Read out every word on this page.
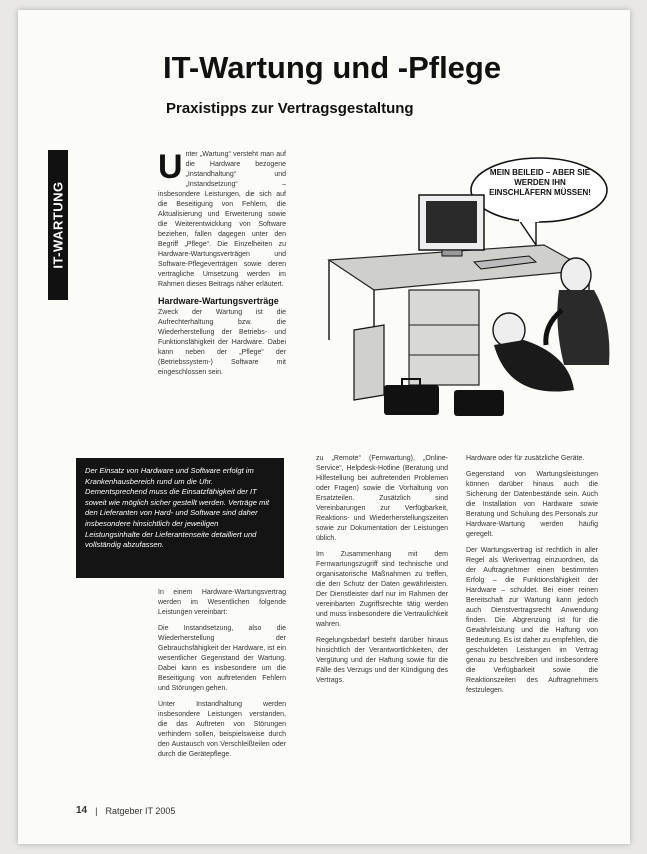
IT-WARTUNG
IT-Wartung und -Pflege
Praxistipps zur Vertragsgestaltung

Unter „Wartung“ versteht man auf die Hardware bezogene „Instandhaltung“ und „Instandsetzung“ – insbesondere Leistungen, die sich auf die Beseitigung von Fehlern, die Aktualisierung und Erweiterung sowie die Weiterentwicklung von Software beziehen, fallen dagegen unter den Begriff „Pflege“. Die Einzelheiten zu Hardware-Wartungsverträgen und Software-Pflegeverträgen sowie deren vertragliche Umsetzung werden im Rahmen dieses Beitrags näher erläutert.

Hardware-Wartungsverträge

Zweck der Wartung ist die Aufrechterhaltung bzw. die Wiederherstellung der Betriebs- und Funktionsfähigkeit der Hardware. Dabei kann neben der „Pflege“ der (Betriebssystem-) Software mit eingeschlossen sein.

MEIN BEILEID – ABER SIE WERDEN IHN EINSCHLÄFERN MÜSSEN!
Der Einsatz von Hardware und Software erfolgt im Krankenhausbereich rund um die Uhr. Dementsprechend muss die Einsatzfähigkeit der IT soweit wie möglich sicher gestellt werden. Verträge mit den Lieferanten von Hard- und Software sind daher insbesondere hinsichtlich der jeweiligen Leistungsinhalte der Lieferantenseite detailliert und vollständig abzufassen.

In einem Hardware-Wartungsvertrag werden im Wesentlichen folgende Leistungen vereinbart:

Die Instandsetzung, also die Wiederherstellung der Gebrauchsfähigkeit der Hardware, ist ein wesentlicher Gegenstand der Wartung. Dabei kann es insbesondere um die Beseitigung von auftretenden Fehlern und Störungen gehen.

Unter Instandhaltung werden insbesondere Leistungen verstanden, die das Auftreten von Störungen verhindern sollen, beispielsweise durch den Austausch von Verschleißteilen oder durch die Gerätepflege.

zu „Remote“ (Fernwartung), „Online-Service“, Helpdesk-Hotline (Beratung und Hilfestellung bei auftretenden Problemen oder Fragen) sowie die Vorhaltung von Ersatzteilen. Zusätzlich sind Vereinbarungen zur Verfügbarkeit, Reaktions- und Wiederherstellungszeiten sowie zur Dokumentation der Leistungen üblich.

Im Zusammenhang mit dem Fernwartungszugriff sind technische und organisatorische Maßnahmen zu treffen, die den Schutz der Daten gewährleisten. Der Dienstleister darf nur im Rahmen der vereinbarten Zugriffsrechte tätig werden und muss insbesondere die Vertraulichkeit wahren.

Regelungsbedarf besteht darüber hinaus hinsichtlich der Verantwortlichkeiten, der Vergütung und der Haftung sowie für die Fälle des Verzugs und der Kündigung des Vertrags.

Hardware oder für zusätzliche Geräte.

Gegenstand von Wartungsleistungen können darüber hinaus auch die Sicherung der Datenbestände sein. Auch die Installation von Hardware sowie Beratung und Schulung des Personals zur Hardware-Wartung werden häufig geregelt.

Der Wartungsvertrag ist rechtlich in aller Regel als Werkvertrag einzuordnen, da der Auftragnehmer einen bestimmten Erfolg – die Funktionsfähigkeit der Hardware – schuldet. Bei einer reinen Bereitschaft zur Wartung kann jedoch auch Dienstvertragsrecht Anwendung finden. Die Abgrenzung ist für die Gewährleistung und die Haftung von Bedeutung. Es ist daher zu empfehlen, die geschuldeten Leistungen im Vertrag genau zu beschreiben und insbesondere die Verfügbarkeit sowie die Reaktionszeiten des Auftragnehmers festzulegen.

14 | Ratgeber IT 2005
